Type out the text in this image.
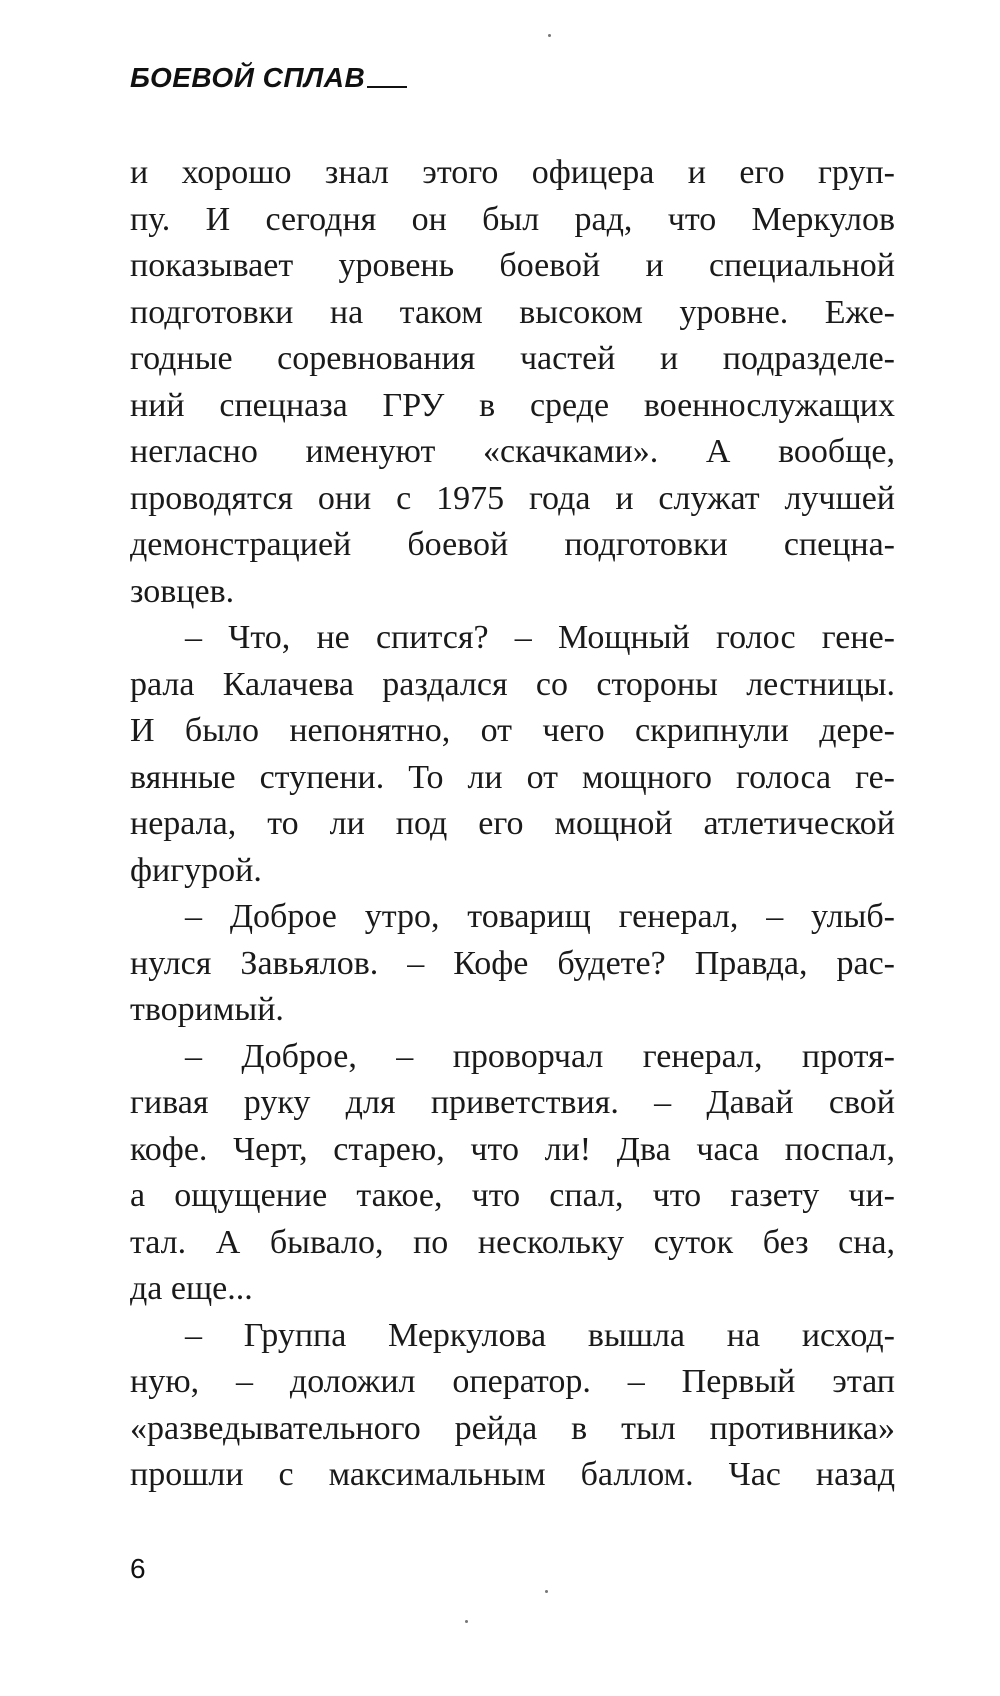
БОЕВОЙ СПЛАВ
и хорошо знал этого офицера и его груп-
пу. И сегодня он был рад, что Меркулов
показывает уровень боевой и специальной
подготовки на таком высоком уровне. Еже-
годные соревнования частей и подразделе-
ний спецназа ГРУ в среде военнослужащих
негласно именуют «скачками». А вообще,
проводятся они с 1975 года и служат лучшей
демонстрацией боевой подготовки спецна-
зовцев.
– Что, не спится? – Мощный голос гене-
рала Калачева раздался со стороны лестницы.
И было непонятно, от чего скрипнули дере-
вянные ступени. То ли от мощного голоса ге-
нерала, то ли под его мощной атлетической
фигурой.
– Доброе утро, товарищ генерал, – улыб-
нулся Завьялов. – Кофе будете? Правда, рас-
творимый.
– Доброе, – проворчал генерал, протя-
гивая руку для приветствия. – Давай свой
кофе. Черт, старею, что ли! Два часа поспал,
а ощущение такое, что спал, что газету чи-
тал. А бывало, по нескольку суток без сна,
да еще...
– Группа Меркулова вышла на исход-
ную, – доложил оператор. – Первый этап
«разведывательного рейда в тыл противника»
прошли с максимальным баллом. Час назад
6
